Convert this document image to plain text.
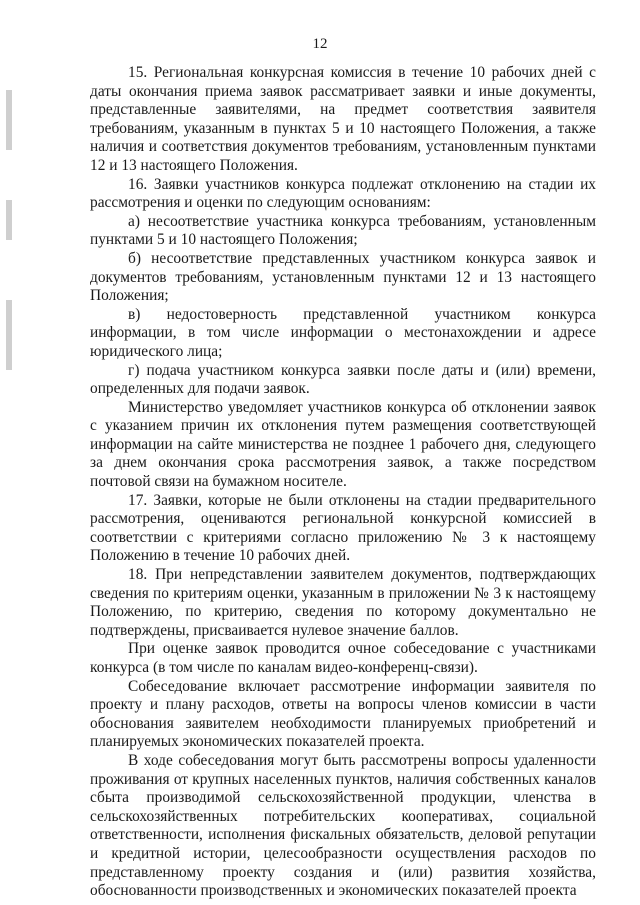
12

15. Региональная конкурсная комиссия в течение 10 рабочих дней с даты окончания приема заявок рассматривает заявки и иные документы, представленные заявителями, на предмет соответствия заявителя требованиям, указанным в пунктах 5 и 10 настоящего Положения, а также наличия и соответствия документов требованиям, установленным пунктами 12 и 13 настоящего Положения.

16. Заявки участников конкурса подлежат отклонению на стадии их рассмотрения и оценки по следующим основаниям:

а) несоответствие участника конкурса требованиям, установленным пунктами 5 и 10 настоящего Положения;

б) несоответствие представленных участником конкурса заявок и документов требованиям, установленным пунктами 12 и 13 настоящего Положения;

в) недостоверность представленной участником конкурса информации, в том числе информации о местонахождении и адресе юридического лица;

г) подача участником конкурса заявки после даты и (или) времени, определенных для подачи заявок.

Министерство уведомляет участников конкурса об отклонении заявок с указанием причин их отклонения путем размещения соответствующей информации на сайте министерства не позднее 1 рабочего дня, следующего за днем окончания срока рассмотрения заявок, а также посредством почтовой связи на бумажном носителе.

17. Заявки, которые не были отклонены на стадии предварительного рассмотрения, оцениваются региональной конкурсной комиссией в соответствии с критериями согласно приложению № 3 к настоящему Положению в течение 10 рабочих дней.

18. При непредставлении заявителем документов, подтверждающих сведения по критериям оценки, указанным в приложении № 3 к настоящему Положению, по критерию, сведения по которому документально не подтверждены, присваивается нулевое значение баллов.

При оценке заявок проводится очное собеседование с участниками конкурса (в том числе по каналам видео-конференц-связи).

Собеседование включает рассмотрение информации заявителя по проекту и плану расходов, ответы на вопросы членов комиссии в части обоснования заявителем необходимости планируемых приобретений и планируемых экономических показателей проекта.

В ходе собеседования могут быть рассмотрены вопросы удаленности проживания от крупных населенных пунктов, наличия собственных каналов сбыта производимой сельскохозяйственной продукции, членства в сельскохозяйственных потребительских кооперативах, социальной ответственности, исполнения фискальных обязательств, деловой репутации и кредитной истории, целесообразности осуществления расходов по представленному проекту создания и (или) развития хозяйства, обоснованности производственных и экономических показателей проекта
